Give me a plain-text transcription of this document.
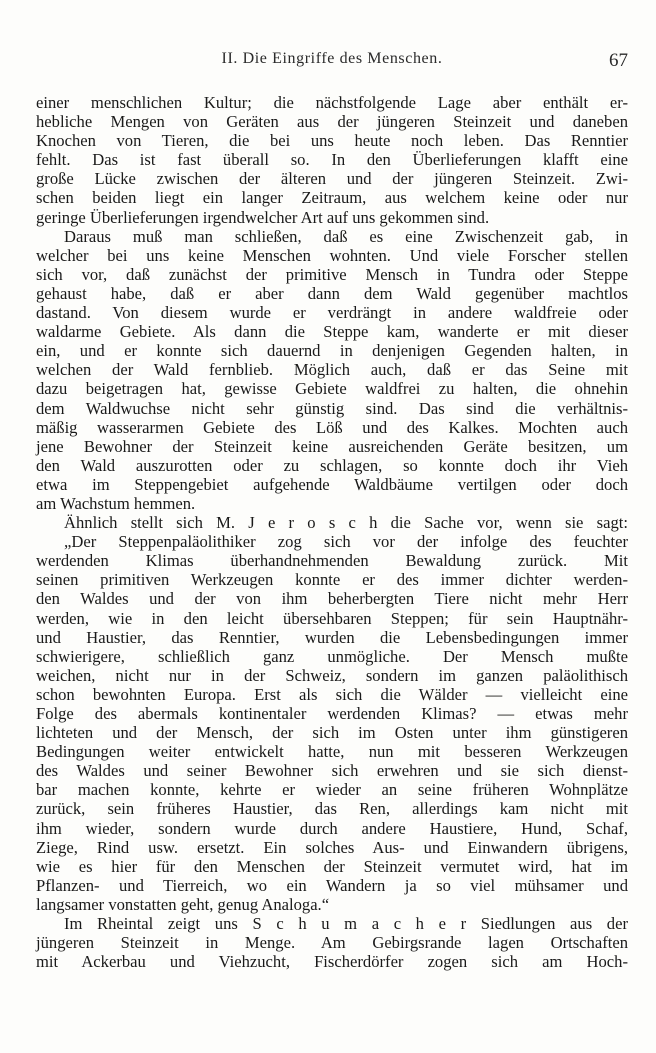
II. Die Eingriffe des Menschen.	67
einer menschlichen Kultur; die nächstfolgende Lage aber enthält er-
hebliche Mengen von Geräten aus der jüngeren Steinzeit und daneben
Knochen von Tieren, die bei uns heute noch leben. Das Renntier
fehlt. Das ist fast überall so. In den Überlieferungen klafft eine
große Lücke zwischen der älteren und der jüngeren Steinzeit. Zwi-
schen beiden liegt ein langer Zeitraum, aus welchem keine oder nur
geringe Überlieferungen irgendwelcher Art auf uns gekommen sind.
Daraus muß man schließen, daß es eine Zwischenzeit gab, in
welcher bei uns keine Menschen wohnten. Und viele Forscher stellen
sich vor, daß zunächst der primitive Mensch in Tundra oder Steppe
gehaust habe, daß er aber dann dem Wald gegenüber machtlos
dastand. Von diesem wurde er verdrängt in andere waldfreie oder
waldarme Gebiete. Als dann die Steppe kam, wanderte er mit dieser
ein, und er konnte sich dauernd in denjenigen Gegenden halten, in
welchen der Wald fernblieb. Möglich auch, daß er das Seine mit
dazu beigetragen hat, gewisse Gebiete waldfrei zu halten, die ohnehin
dem Waldwuchse nicht sehr günstig sind. Das sind die verhältnis-
mäßig wasserarmen Gebiete des Löß und des Kalkes. Mochten auch
jene Bewohner der Steinzeit keine ausreichenden Geräte besitzen, um
den Wald auszurotten oder zu schlagen, so konnte doch ihr Vieh
etwa im Steppengebiet aufgehende Waldbäume vertilgen oder doch
am Wachstum hemmen.
Ähnlich stellt sich M. J e r o s c h die Sache vor, wenn sie sagt:
„Der Steppenpaläolithiker zog sich vor der infolge des feuchter
werdenden Klimas überhandnehmenden Bewaldung zurück. Mit
seinen primitiven Werkzeugen konnte er des immer dichter werden-
den Waldes und der von ihm beherbergten Tiere nicht mehr Herr
werden, wie in den leicht übersehbaren Steppen; für sein Hauptnähr-
und Haustier, das Renntier, wurden die Lebensbedingungen immer
schwierigere, schließlich ganz unmögliche. Der Mensch mußte
weichen, nicht nur in der Schweiz, sondern im ganzen paläolithisch
schon bewohnten Europa. Erst als sich die Wälder — vielleicht eine
Folge des abermals kontinentaler werdenden Klimas? — etwas mehr
lichteten und der Mensch, der sich im Osten unter ihm günstigeren
Bedingungen weiter entwickelt hatte, nun mit besseren Werkzeugen
des Waldes und seiner Bewohner sich erwehren und sie sich dienst-
bar machen konnte, kehrte er wieder an seine früheren Wohnplätze
zurück, sein früheres Haustier, das Ren, allerdings kam nicht mit
ihm wieder, sondern wurde durch andere Haustiere, Hund, Schaf,
Ziege, Rind usw. ersetzt. Ein solches Aus- und Einwandern übrigens,
wie es hier für den Menschen der Steinzeit vermutet wird, hat im
Pflanzen- und Tierreich, wo ein Wandern ja so viel mühsamer und
langsamer vonstatten geht, genug Analoga.“
Im Rheintal zeigt uns S c h u m a c h e r Siedlungen aus der
jüngeren Steinzeit in Menge. Am Gebirgsrande lagen Ortschaften
mit Ackerbau und Viehzucht, Fischerdörfer zogen sich am Hoch-
